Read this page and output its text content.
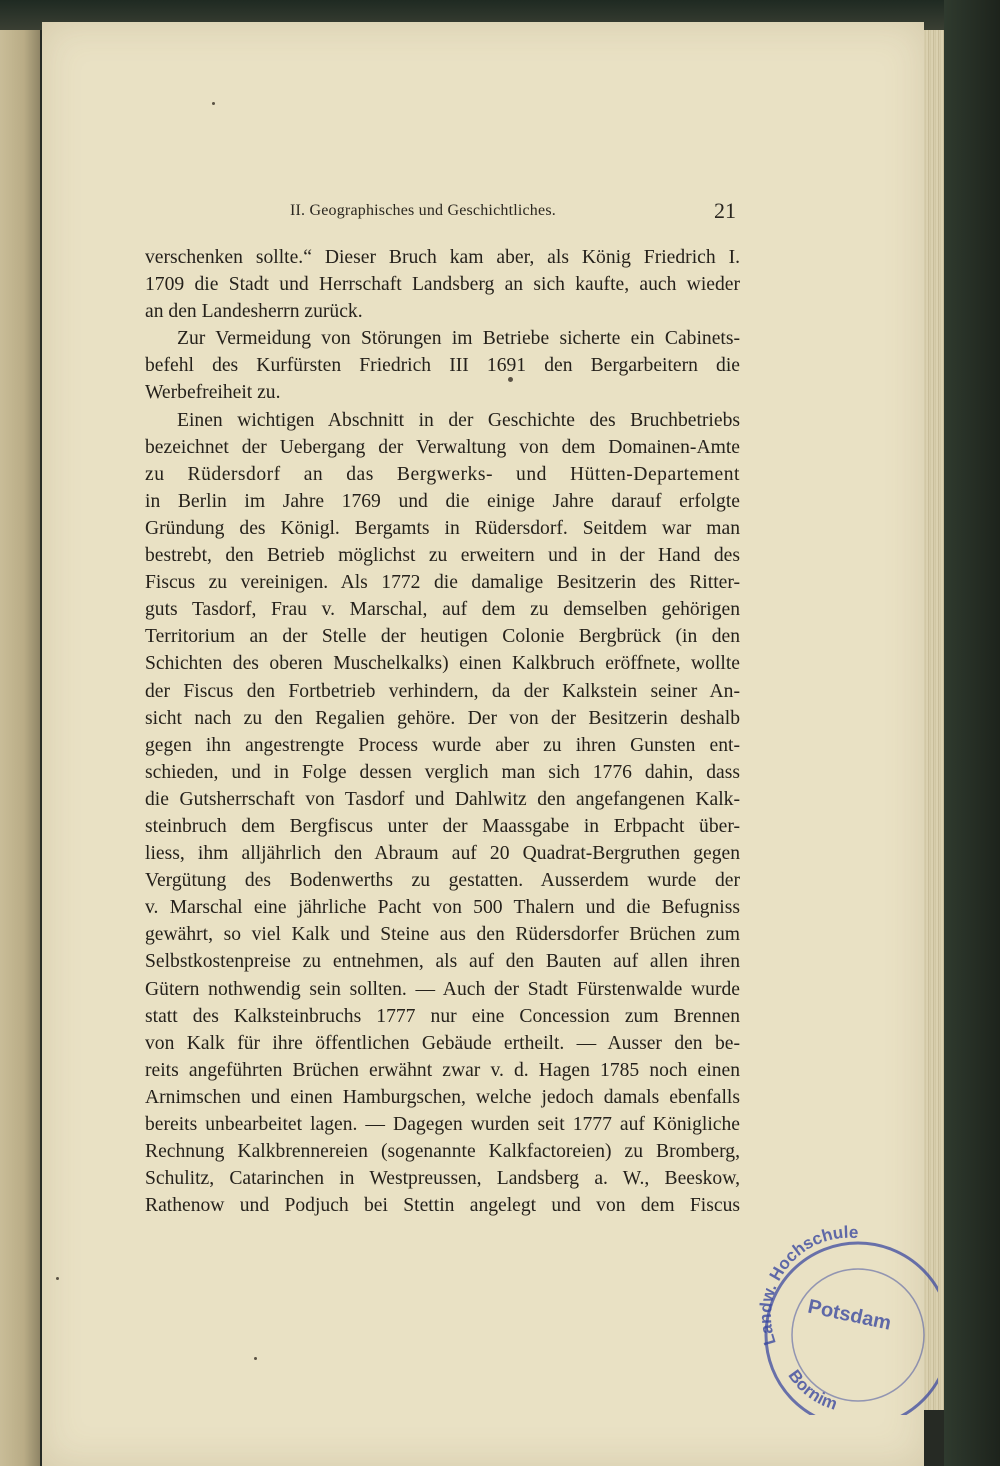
II. Geographisches und Geschichtliches.	21
verschenken sollte.“ Dieser Bruch kam aber, als König Friedrich I.
1709 die Stadt und Herrschaft Landsberg an sich kaufte, auch wieder
an den Landesherrn zurück.
Zur Vermeidung von Störungen im Betriebe sicherte ein Cabinets-
befehl des Kurfürsten Friedrich III 1691 den Bergarbeitern die
Werbefreiheit zu.
Einen wichtigen Abschnitt in der Geschichte des Bruchbetriebs
bezeichnet der Uebergang der Verwaltung von dem Domainen-Amte
zu Rüdersdorf an das Bergwerks- und Hütten-Departement
in Berlin im Jahre 1769 und die einige Jahre darauf erfolgte
Gründung des Königl. Bergamts in Rüdersdorf. Seitdem war man
bestrebt, den Betrieb möglichst zu erweitern und in der Hand des
Fiscus zu vereinigen. Als 1772 die damalige Besitzerin des Ritter-
guts Tasdorf, Frau v. Marschal, auf dem zu demselben gehörigen
Territorium an der Stelle der heutigen Colonie Bergbrück (in den
Schichten des oberen Muschelkalks) einen Kalkbruch eröffnete, wollte
der Fiscus den Fortbetrieb verhindern, da der Kalkstein seiner An-
sicht nach zu den Regalien gehöre. Der von der Besitzerin deshalb
gegen ihn angestrengte Process wurde aber zu ihren Gunsten ent-
schieden, und in Folge dessen verglich man sich 1776 dahin, dass
die Gutsherrschaft von Tasdorf und Dahlwitz den angefangenen Kalk-
steinbruch dem Bergfiscus unter der Maassgabe in Erbpacht über-
liess, ihm alljährlich den Abraum auf 20 Quadrat-Bergruthen gegen
Vergütung des Bodenwerths zu gestatten. Ausserdem wurde der
v. Marschal eine jährliche Pacht von 500 Thalern und die Befugniss
gewährt, so viel Kalk und Steine aus den Rüdersdorfer Brüchen zum
Selbstkostenpreise zu entnehmen, als auf den Bauten auf allen ihren
Gütern nothwendig sein sollten. — Auch der Stadt Fürstenwalde wurde
statt des Kalksteinbruchs 1777 nur eine Concession zum Brennen
von Kalk für ihre öffentlichen Gebäude ertheilt. — Ausser den be-
reits angeführten Brüchen erwähnt zwar v. d. Hagen 1785 noch einen
Arnimschen und einen Hamburgschen, welche jedoch damals ebenfalls
bereits unbearbeitet lagen. — Dagegen wurden seit 1777 auf Königliche
Rechnung Kalkbrennereien (sogenannte Kalkfactoreien) zu Bromberg,
Schulitz, Catarinchen in Westpreussen, Landsberg a. W., Beeskow,
Rathenow und Podjuch bei Stettin angelegt und von dem Fiscus
Landw. Hochschule
Potsdam
Bornim
